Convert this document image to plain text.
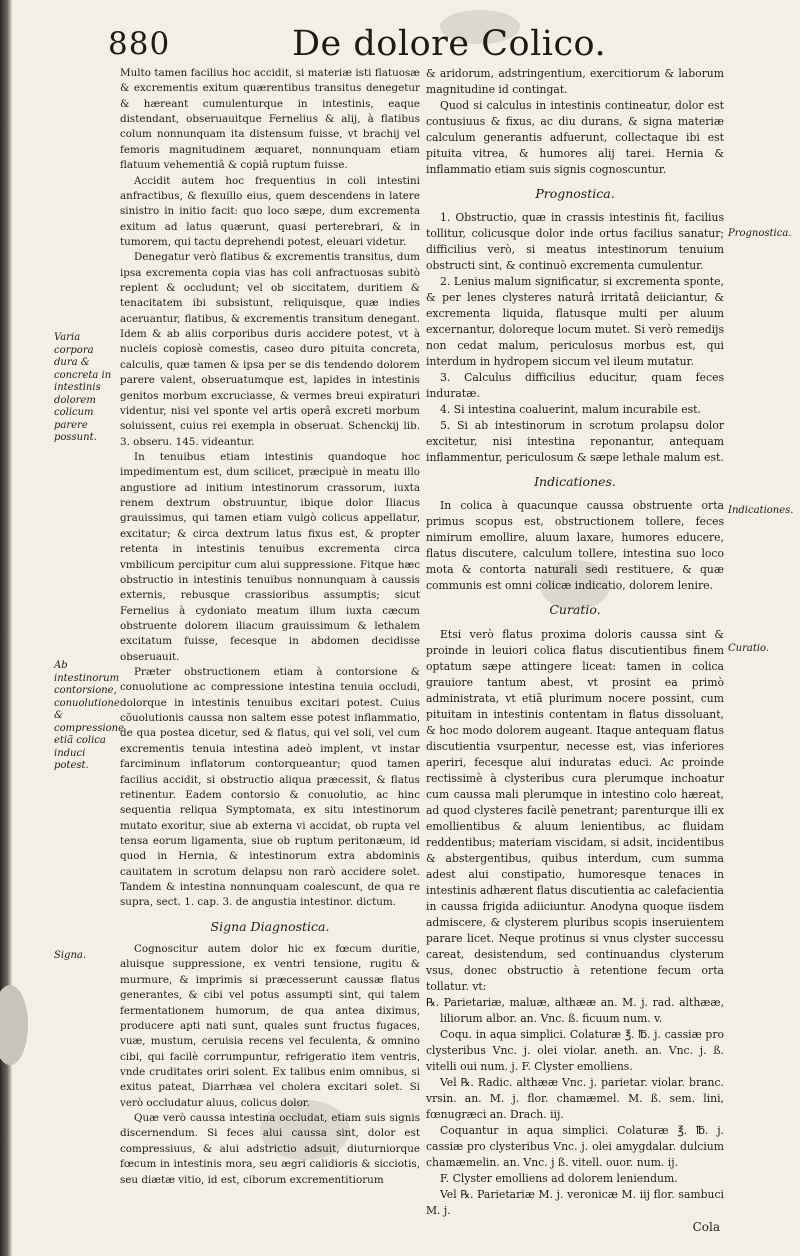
880	De dolore Colico.
Varia corpora dura & concreta in intestinis dolorem colicum parere possunt.
Ab intestinorum contorsione, conuolutione & compressione etiã colica induci potest.
Signa.
Prognostica.
Indicationes.
Curatio.

Multo tamen facilius hoc accidit, si materiæ isti flatuosæ & excrementis exitum quærentibus transitus denegetur & hæreant cumulenturque in intestinis, eaque distendant, obseruauitque Fernelius & alij, à flatibus colum nonnunquam ita distensum fuisse, vt brachij vel femoris magnitudinem æquaret, nonnunquam etiam flatuum vehementiâ & copiâ ruptum fuisse.

Accidit autem hoc frequentius in coli intestini anfractibus, & flexuillo eius, quem descendens in latere sinistro in initio facit: quo loco sæpe, dum excrementa exitum ad latus quærunt, quasi perterebrari, & in tumorem, qui tactu deprehendi potest, eleuari videtur.

Denegatur verò flatibus & excrementis transitus, dum ipsa excrementa copia vias has coli anfractuosas subitò replent & occludunt; vel ob siccitatem, duritiem & tenacitatem ibi subsistunt, reliquisque, quæ indies aceruantur, flatibus, & excrementis transitum denegant. Idem & ab aliis corporibus duris accidere potest, vt à nucleis copiosè comestis, caseo duro pituita concreta, calculis, quæ tamen & ipsa per se dis tendendo dolorem parere valent, obseruatumque est, lapides in intestinis genitos morbum excruciasse, & vermes breui expiraturi videntur, nisi vel sponte vel artis operâ excreti morbum soluissent, cuius rei exempla in obseruat. Schenckij lib. 3. obseru. 145. videantur.

In tenuibus etiam intestinis quandoque hoc impedimentum est, dum scilicet, præcipuè in meatu illo angustiore ad initium intestinorum crassorum, iuxta renem dextrum obstruuntur, ibique dolor Iliacus grauissimus, qui tamen etiam vulgò colicus appellatur, excitatur; & circa dextrum latus fixus est, & propter retenta in intestinis tenuibus excrementa circa vmbilicum percipitur cum alui suppressione. Fitque hæc obstructio in intestinis tenuibus nonnunquam à caussis externis, rebusque crassioribus assumptis; sicut Fernelius à cydoniato meatum illum iuxta cæcum obstruente dolorem iliacum grauissimum & lethalem excitatum fuisse, fecesque in abdomen decidisse obseruauit.

Præter obstructionem etiam à contorsione & conuolutione ac compressione intestina tenuia occludi, dolorque in intestinis tenuibus excitari potest. Cuius cõuolutionis caussa non saltem esse potest inflammatio, de qua postea dicetur, sed & flatus, qui vel soli, vel cum excrementis tenuia intestina adeò implent, vt instar farciminum inflatorum contorqueantur; quod tamen facilius accidit, si obstructio aliqua præcessit, & flatus retinentur. Eadem contorsio & conuolutio, ac hinc sequentia reliqua Symptomata, ex situ intestinorum mutato exoritur, siue ab externa vi accidat, ob rupta vel tensa eorum ligamenta, siue ob ruptum peritonæum, id quod in Hernia, & intestinorum extra abdominis cauitatem in scrotum delapsu non rarò accidere solet. Tandem & intestina nonnunquam coalescunt, de qua re supra, sect. 1. cap. 3. de angustia intestinor. dictum.

Signa Diagnostica.

Cognoscitur autem dolor hic ex fœcum duritie, aluisque suppressione, ex ventri tensione, rugitu & murmure, & imprimis si præcesserunt caussæ flatus generantes, & cibi vel potus assumpti sint, qui talem fermentationem humorum, de qua antea diximus, producere apti nati sunt, quales sunt fructus fugaces, vuæ, mustum, ceruisia recens vel feculenta, & omnino cibi, qui facilè corrumpuntur, refrigeratio item ventris, vnde cruditates oriri solent. Ex talibus enim omnibus, si exitus pateat, Diarrhæa vel cholera excitari solet. Si verò occludatur aluus, colicus dolor.

Quæ verò caussa intestina occludat, etiam suis signis discernendum. Si feces alui caussa sint, dolor est compressiuus, & alui adstrictio adsuit, diuturniorque fœcum in intestinis mora, seu ægri calidioris & sicciotis, seu diætæ vitio, id est, ciborum excrementitiorum

& aridorum, adstringentium, exercitiorum & laborum magnitudine id contingat.

Quod si calculus in intestinis contineatur, dolor est contusiuus & fixus, ac diu durans, & signa materiæ calculum generantis adfuerunt, collectaque ibi est pituita vitrea, & humores alij tarei. Hernia & inflammatio etiam suis signis cognoscuntur.

Prognostica.

1. Obstructio, quæ in crassis intestinis fit, facilius tollitur, colicusque dolor inde ortus facilius sanatur; difficilius verò, si meatus intestinorum tenuium obstructi sint, & continuò excrementa cumulentur.

2. Lenius malum significatur, si excrementa sponte, & per lenes clysteres naturâ irritatâ deiiciantur, & excrementa liquida, flatusque multi per aluum excernantur, doloreque locum mutet. Si verò remedijs non cedat malum, periculosus morbus est, qui interdum in hydropem siccum vel ileum mutatur.

3. Calculus difficilius educitur, quam feces induratæ.

4. Si intestina coaluerint, malum incurabile est.

5. Si ab intestinorum in scrotum prolapsu dolor excitetur, nisi intestina reponantur, antequam inflammentur, periculosum & sæpe lethale malum est.

Indicationes.

In colica à quacunque caussa obstruente orta primus scopus est, obstructionem tollere, feces nimirum emollire, aluum laxare, humores educere, flatus discutere, calculum tollere, intestina suo loco mota & contorta naturali sedi restituere, & quæ communis est omni colicæ indicatio, dolorem lenire.

Curatio.

Etsi verò flatus proxima doloris caussa sint & proinde in leuiori colica flatus discutientibus finem optatum sæpe attingere liceat: tamen in colica grauiore tantum abest, vt prosint ea primò administrata, vt etiã plurimum nocere possint, cum pituitam in intestinis contentam in flatus dissoluant, & hoc modo dolorem augeant. Itaque antequam flatus discutientia vsurpentur, necesse est, vias inferiores aperiri, fecesque alui induratas educi. Ac proinde rectissimè à clysteribus cura plerumque inchoatur cum caussa mali plerumque in intestino colo hæreat, ad quod clysteres facilè penetrant; parenturque illi ex emollientibus & aluum lenientibus, ac fluidam reddentibus; materiam viscidam, si adsit, incidentibus & abstergentibus, quibus interdum, cum summa adest alui constipatio, humoresque tenaces in intestinis adhærent flatus discutientia ac calefacientia in caussa frigida adiiciuntur. Anodyna quoque iisdem admiscere, & clysterem pluribus scopis inseruientem parare licet. Neque protinus si vnus clyster successu careat, desistendum, sed continuandus clysterum vsus, donec obstructio à retentione fecum orta tollatur. vt:

℞. Parietariæ, maluæ, althææ an. M. j. rad. althææ, liliorum albor. an. Vnc. ß. ficuum num. v.

Coqu. in aqua simplici. Colaturæ ℥. ℔. j. cassiæ pro clysteribus Vnc. j. olei violar. aneth. an. Vnc. j. ß. vitelli oui num. j. F. Clyster emolliens.

Vel ℞. Radic. althææ Vnc. j. parietar. violar. branc. vrsin. an. M. j. flor. chamæmel. M. ß. sem. lini, fœnugræci an. Drach. iij.

Coquantur in aqua simplici. Colaturæ ℥. ℔. j. cassiæ pro clysteribus Vnc. j. olei amygdalar. dulcium chamæmelin. an. Vnc. j ß. vitell. ouor. num. ij.

F. Clyster emolliens ad dolorem leniendum.

Vel ℞. Parietariæ M. j. veronicæ M. iij flor. sambuci M. j.

Cola
